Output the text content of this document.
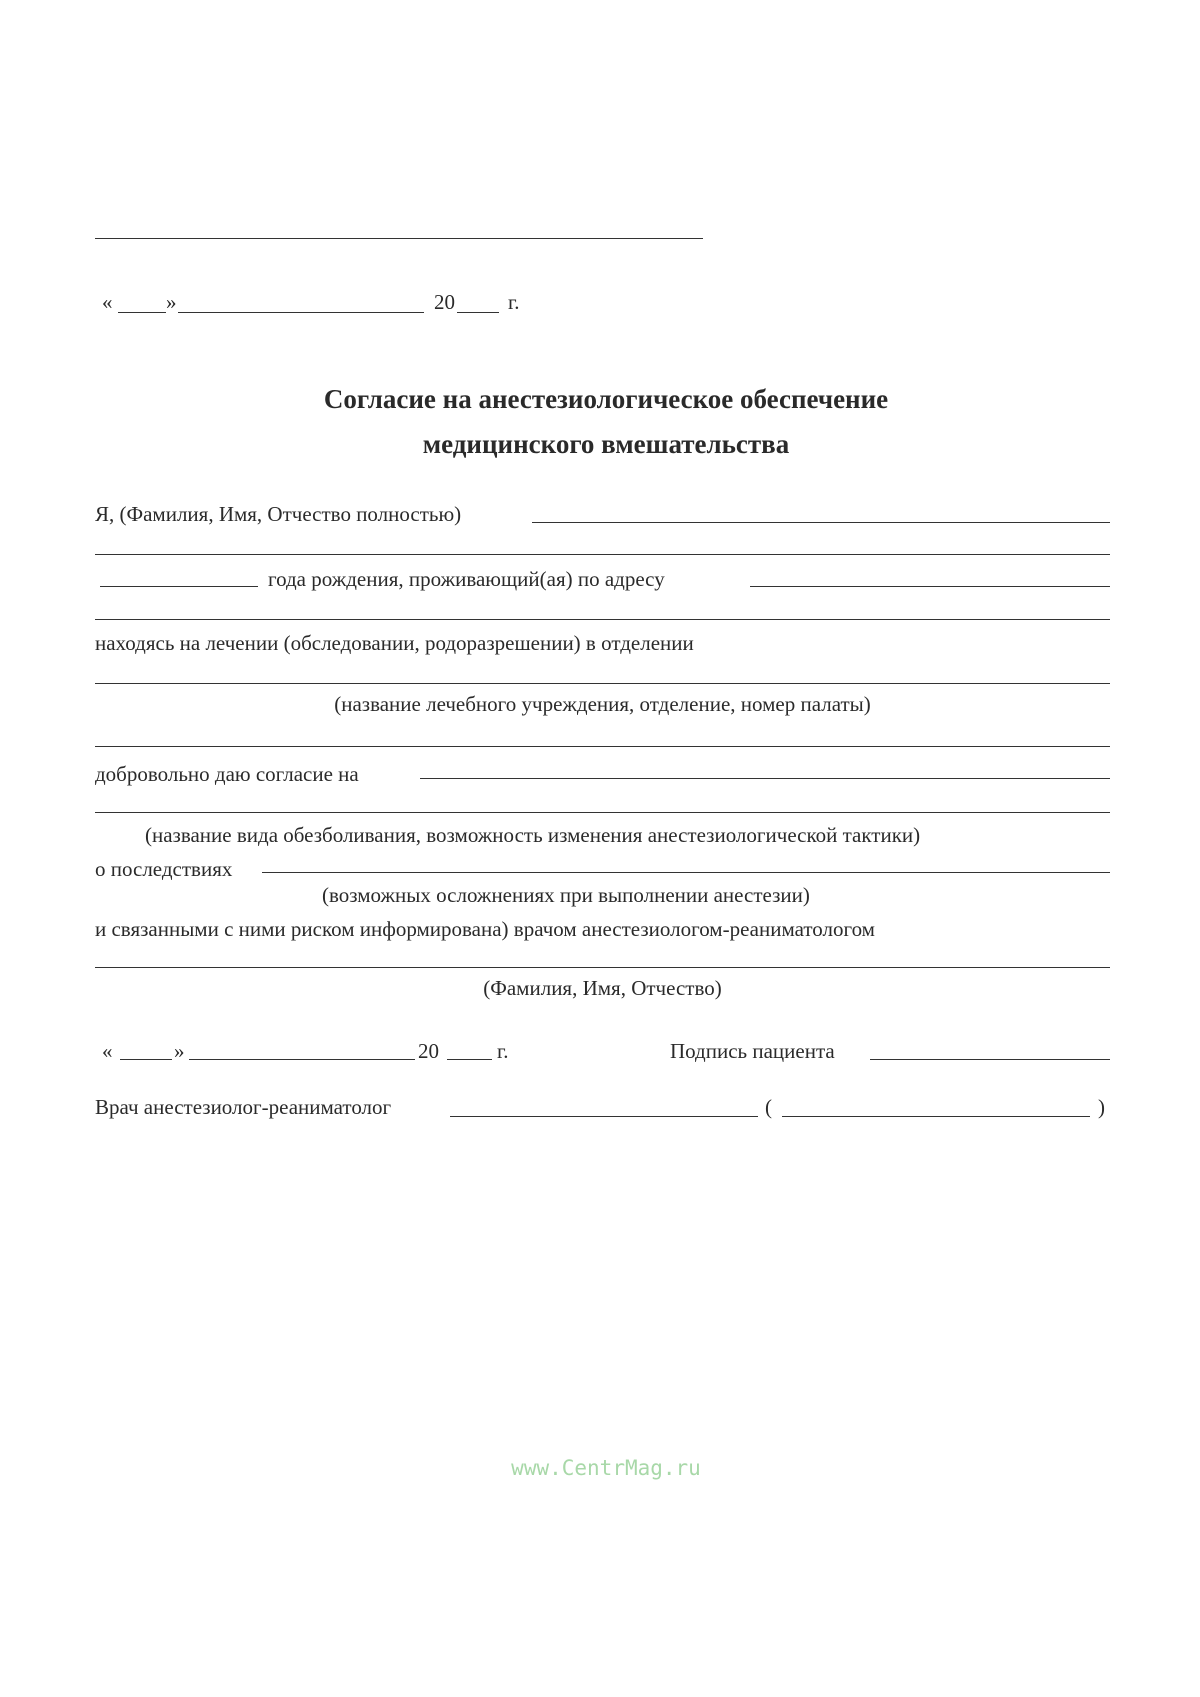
«	»	20	г.
Согласие на анестезиологическое обеспечение
медицинского вмешательства
Я, (Фамилия, Имя, Отчество полностью)
года рождения, проживающий(ая) по адресу
находясь на лечении (обследовании, родоразрешении) в отделении
(название лечебного учреждения, отделение, номер палаты)
добровольно даю согласие на
(название вида обезболивания, возможность изменения анестезиологической тактики)
о последствиях
(возможных осложнениях при выполнении анестезии)
и связанными с ними риском информирована) врачом анестезиологом-реаниматологом
(Фамилия, Имя, Отчество)
«	»	20	г.	Подпись пациента
Врач анестезиолог-реаниматолог	(	)
www.CentrMag.ru
